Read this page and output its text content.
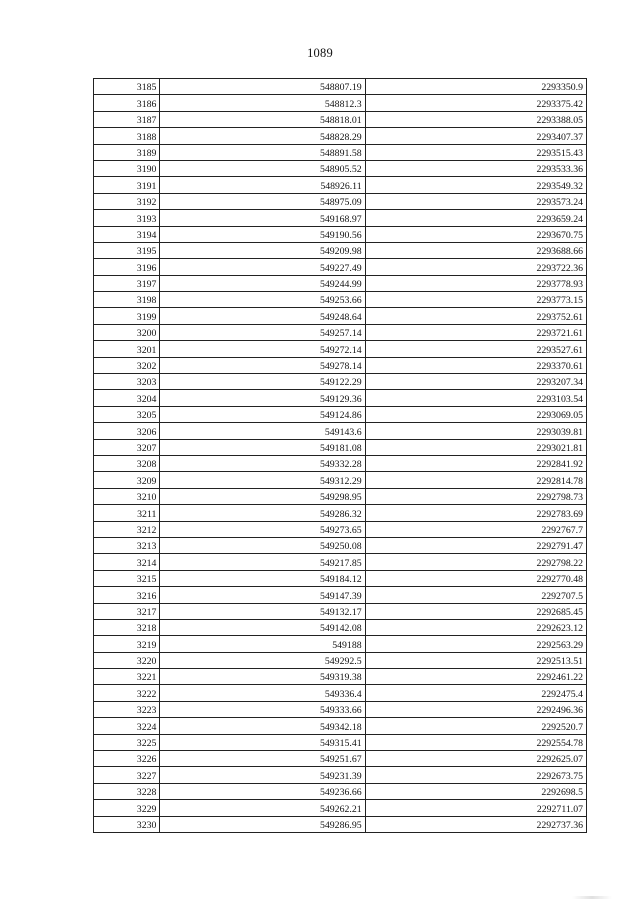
1089
3185	548807.19	2293350.9
3186	548812.3	2293375.42
3187	548818.01	2293388.05
3188	548828.29	2293407.37
3189	548891.58	2293515.43
3190	548905.52	2293533.36
3191	548926.11	2293549.32
3192	548975.09	2293573.24
3193	549168.97	2293659.24
3194	549190.56	2293670.75
3195	549209.98	2293688.66
3196	549227.49	2293722.36
3197	549244.99	2293778.93
3198	549253.66	2293773.15
3199	549248.64	2293752.61
3200	549257.14	2293721.61
3201	549272.14	2293527.61
3202	549278.14	2293370.61
3203	549122.29	2293207.34
3204	549129.36	2293103.54
3205	549124.86	2293069.05
3206	549143.6	2293039.81
3207	549181.08	2293021.81
3208	549332.28	2292841.92
3209	549312.29	2292814.78
3210	549298.95	2292798.73
3211	549286.32	2292783.69
3212	549273.65	2292767.7
3213	549250.08	2292791.47
3214	549217.85	2292798.22
3215	549184.12	2292770.48
3216	549147.39	2292707.5
3217	549132.17	2292685.45
3218	549142.08	2292623.12
3219	549188	2292563.29
3220	549292.5	2292513.51
3221	549319.38	2292461.22
3222	549336.4	2292475.4
3223	549333.66	2292496.36
3224	549342.18	2292520.7
3225	549315.41	2292554.78
3226	549251.67	2292625.07
3227	549231.39	2292673.75
3228	549236.66	2292698.5
3229	549262.21	2292711.07
3230	549286.95	2292737.36
